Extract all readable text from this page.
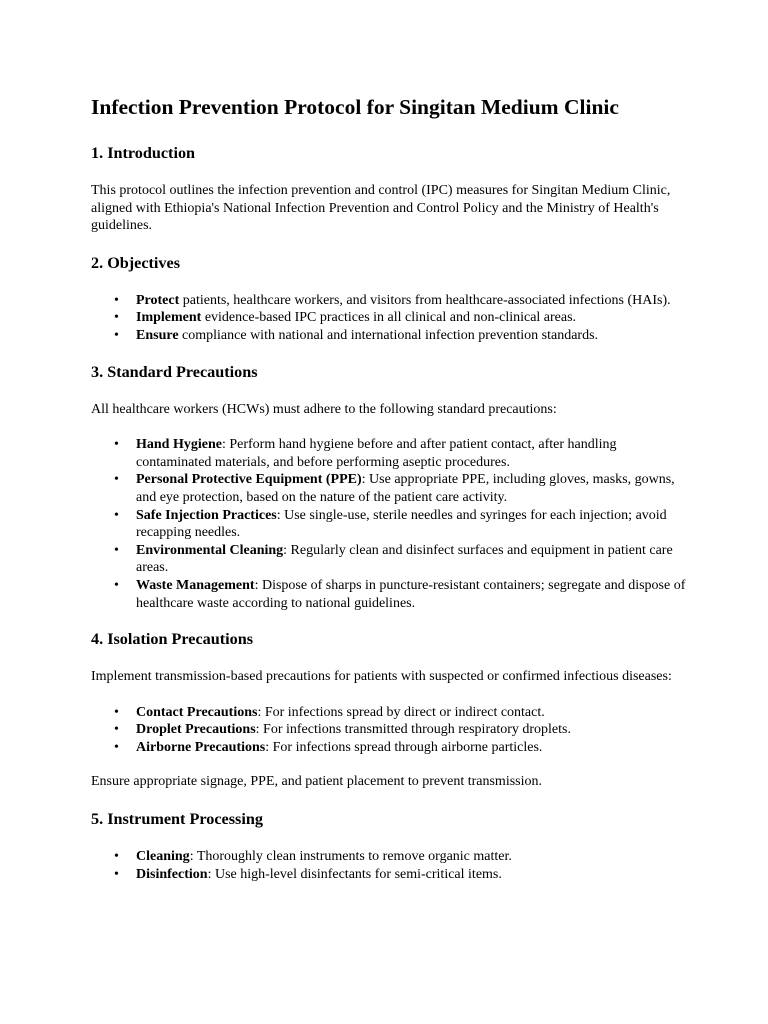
Infection Prevention Protocol for Singitan Medium Clinic
1. Introduction

This protocol outlines the infection prevention and control (IPC) measures for Singitan Medium Clinic, aligned with Ethiopia's National Infection Prevention and Control Policy and the Ministry of Health's guidelines.

2. Objectives
• Protect patients, healthcare workers, and visitors from healthcare-associated infections (HAIs).
• Implement evidence-based IPC practices in all clinical and non-clinical areas.
• Ensure compliance with national and international infection prevention standards.
3. Standard Precautions

All healthcare workers (HCWs) must adhere to the following standard precautions:

• Hand Hygiene: Perform hand hygiene before and after patient contact, after handling contaminated materials, and before performing aseptic procedures.
• Personal Protective Equipment (PPE): Use appropriate PPE, including gloves, masks, gowns, and eye protection, based on the nature of the patient care activity.
• Safe Injection Practices: Use single-use, sterile needles and syringes for each injection; avoid recapping needles.
• Environmental Cleaning: Regularly clean and disinfect surfaces and equipment in patient care areas.
• Waste Management: Dispose of sharps in puncture-resistant containers; segregate and dispose of healthcare waste according to national guidelines.
4. Isolation Precautions

Implement transmission-based precautions for patients with suspected or confirmed infectious diseases:

• Contact Precautions: For infections spread by direct or indirect contact.
• Droplet Precautions: For infections transmitted through respiratory droplets.
• Airborne Precautions: For infections spread through airborne particles.

Ensure appropriate signage, PPE, and patient placement to prevent transmission.

5. Instrument Processing
• Cleaning: Thoroughly clean instruments to remove organic matter.
• Disinfection: Use high-level disinfectants for semi-critical items.
